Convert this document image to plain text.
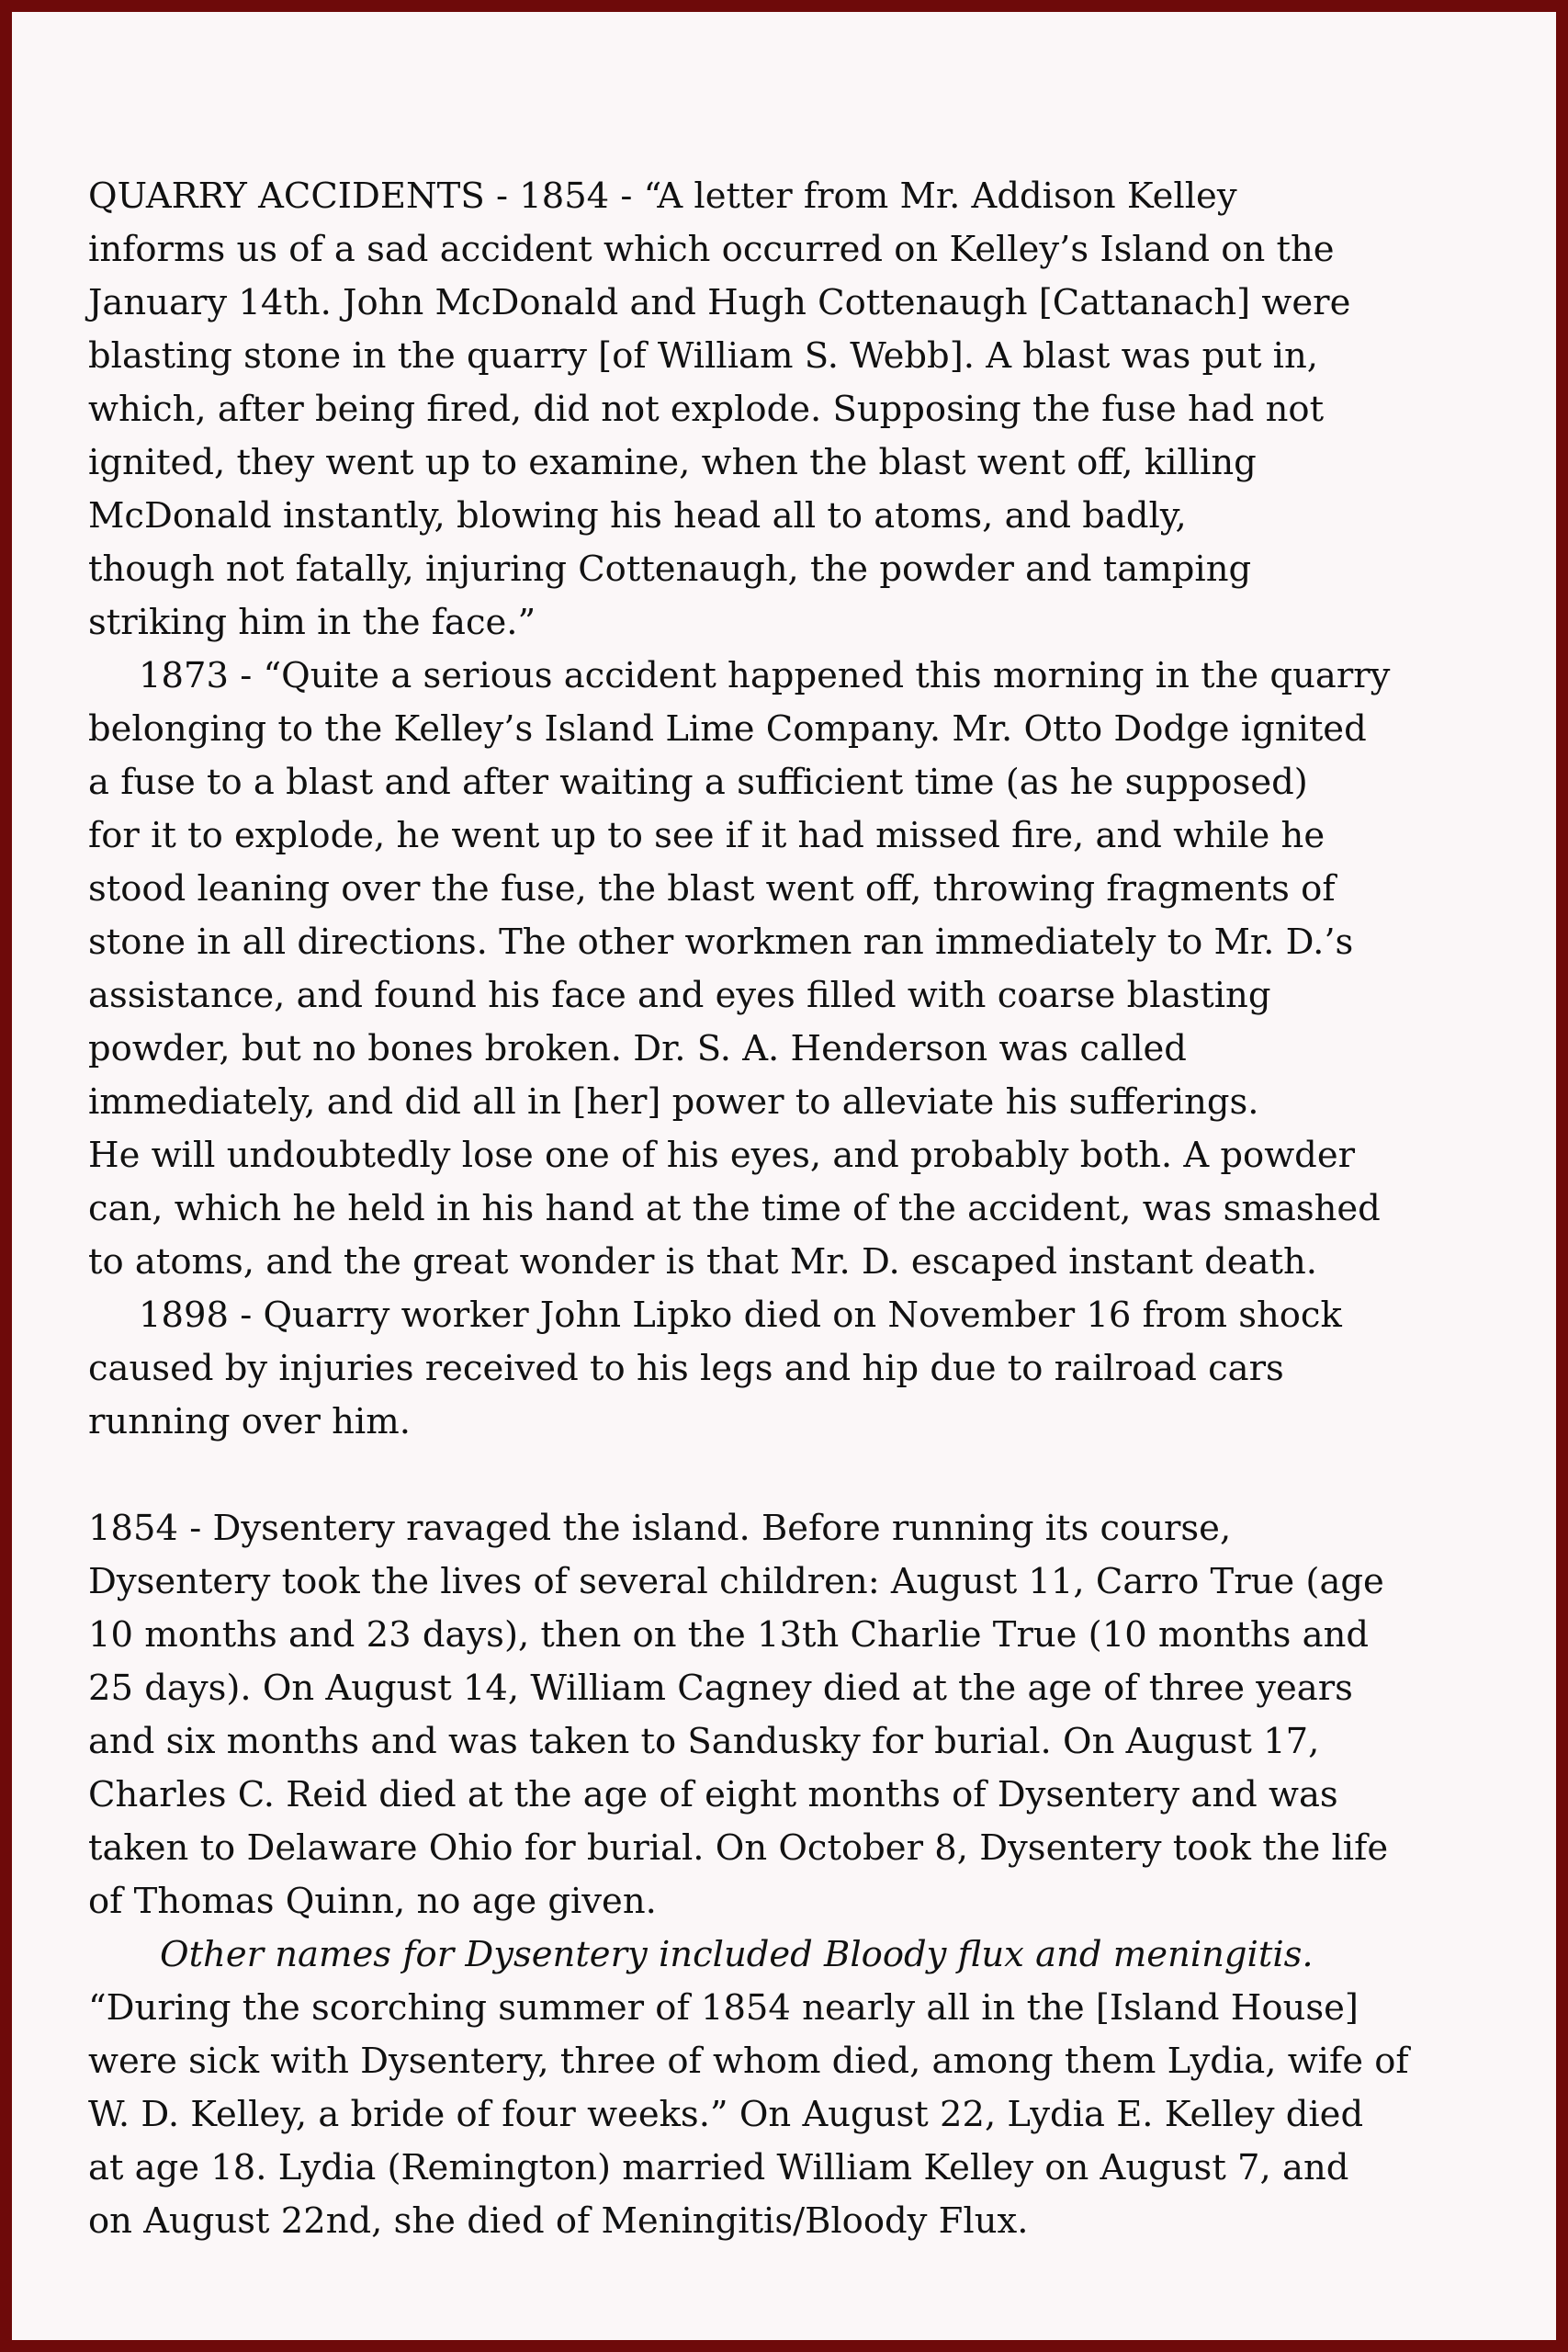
QUARRY ACCIDENTS - 1854 - “A letter from Mr. Addison Kelley
informs us of a sad accident which occurred on Kelley’s Island on the
January 14th. John McDonald and Hugh Cottenaugh [Cattanach] were
blasting stone in the quarry [of William S. Webb]. A blast was put in,
which, after being fired, did not explode. Supposing the fuse had not
ignited, they went up to examine, when the blast went off, killing
McDonald instantly, blowing his head all to atoms, and badly,
though not fatally, injuring Cottenaugh, the powder and tamping
striking him in the face.”
1873 - “Quite a serious accident happened this morning in the quarry
belonging to the Kelley’s Island Lime Company. Mr. Otto Dodge ignited
a fuse to a blast and after waiting a sufficient time (as he supposed)
for it to explode, he went up to see if it had missed fire, and while he
stood leaning over the fuse, the blast went off, throwing fragments of
stone in all directions. The other workmen ran immediately to Mr. D.’s
assistance, and found his face and eyes filled with coarse blasting
powder, but no bones broken. Dr. S. A. Henderson was called
immediately, and did all in [her] power to alleviate his sufferings.
He will undoubtedly lose one of his eyes, and probably both. A powder
can, which he held in his hand at the time of the accident, was smashed
to atoms, and the great wonder is that Mr. D. escaped instant death.
1898 - Quarry worker John Lipko died on November 16 from shock
caused by injuries received to his legs and hip due to railroad cars
running over him.
1854 - Dysentery ravaged the island. Before running its course,
Dysentery took the lives of several children: August 11, Carro True (age
10 months and 23 days), then on the 13th Charlie True (10 months and
25 days). On August 14, William Cagney died at the age of three years
and six months and was taken to Sandusky for burial. On August 17,
Charles C. Reid died at the age of eight months of Dysentery and was
taken to Delaware Ohio for burial. On October 8, Dysentery took the life
of Thomas Quinn, no age given.
Other names for Dysentery included Bloody flux and meningitis.
“During the scorching summer of 1854 nearly all in the [Island House]
were sick with Dysentery, three of whom died, among them Lydia, wife of
W. D. Kelley, a bride of four weeks.” On August 22, Lydia E. Kelley died
at age 18. Lydia (Remington) married William Kelley on August 7, and
on August 22nd, she died of Meningitis/Bloody Flux.
